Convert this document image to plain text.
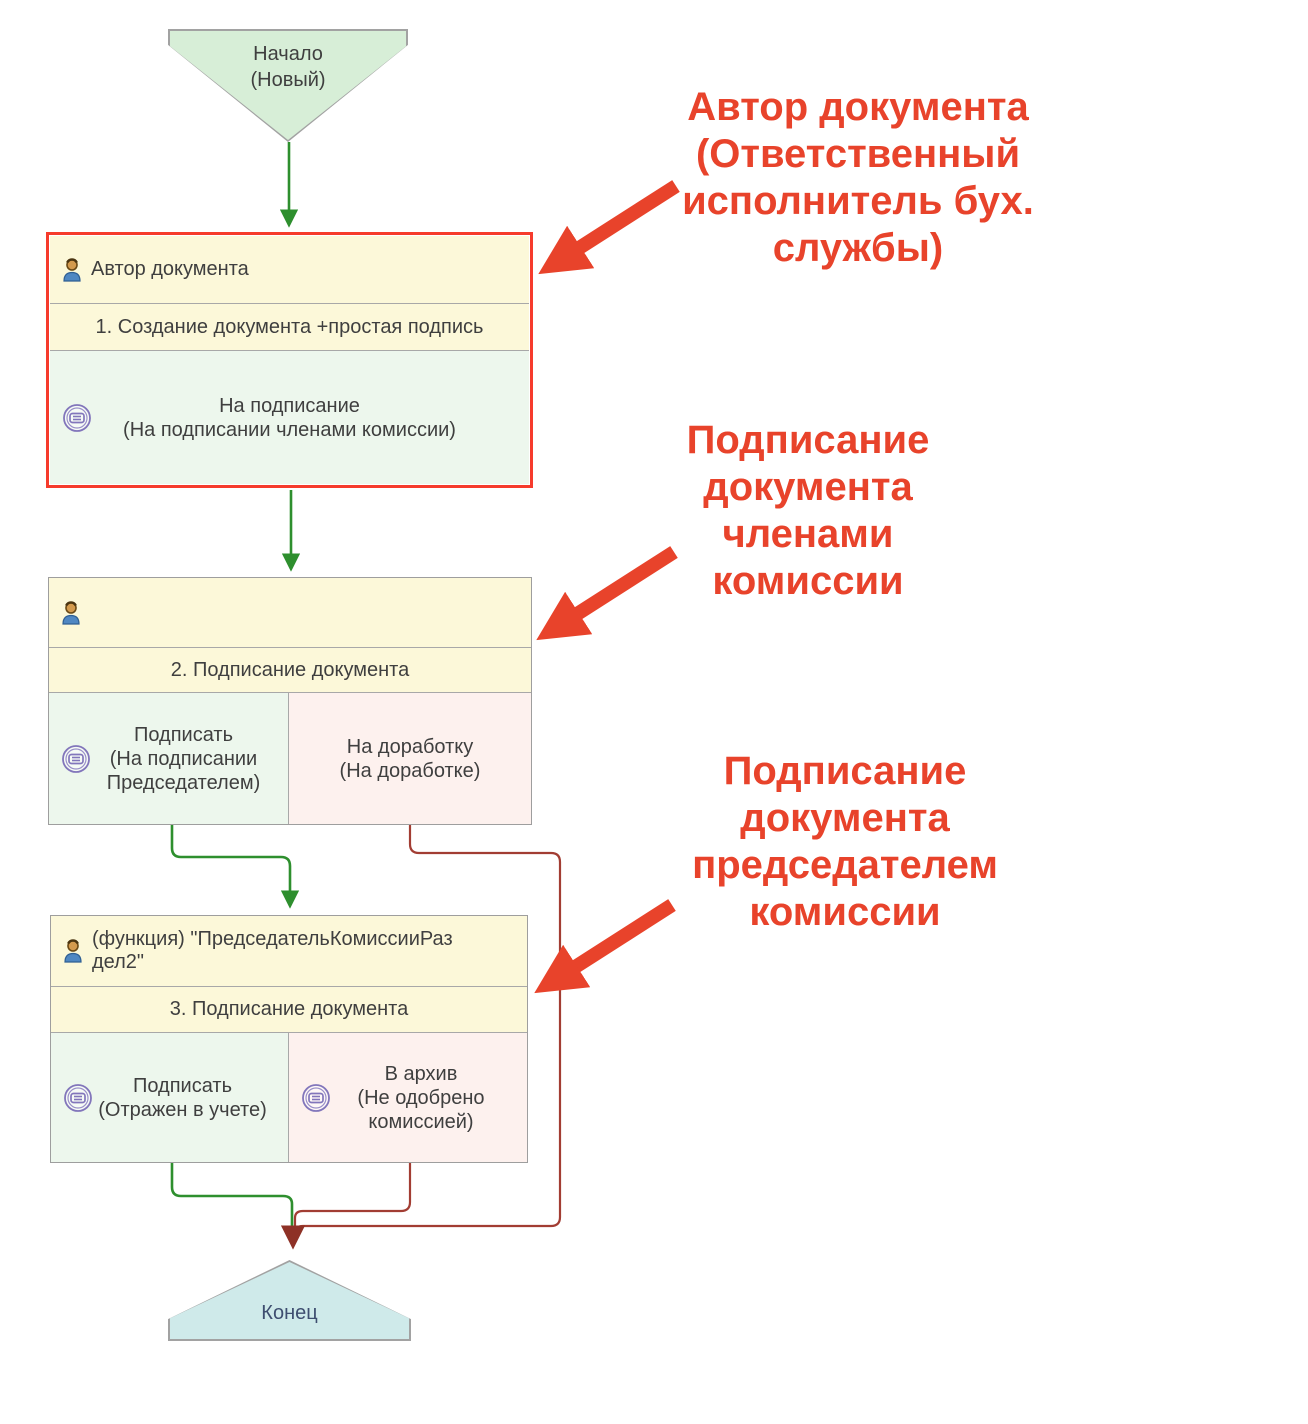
Начало
(Новый)
Автор документа
1. Создание документа +простая подпись
На подписание
(На подписании членами комиссии)
2. Подписание документа
Подписать
(На подписании
Председателем)
На доработку
(На доработке)
(функция) "ПредседательКомиссииРаз
дел2"
3. Подписание документа
Подписать
(Отражен в учете)
В архив
(Не одобрено
комиссией)
Конец
Автор документа
(Ответственный
исполнитель бух.
службы)
Подписание
документа
членами
комиссии
Подписание
документа
председателем
комиссии
